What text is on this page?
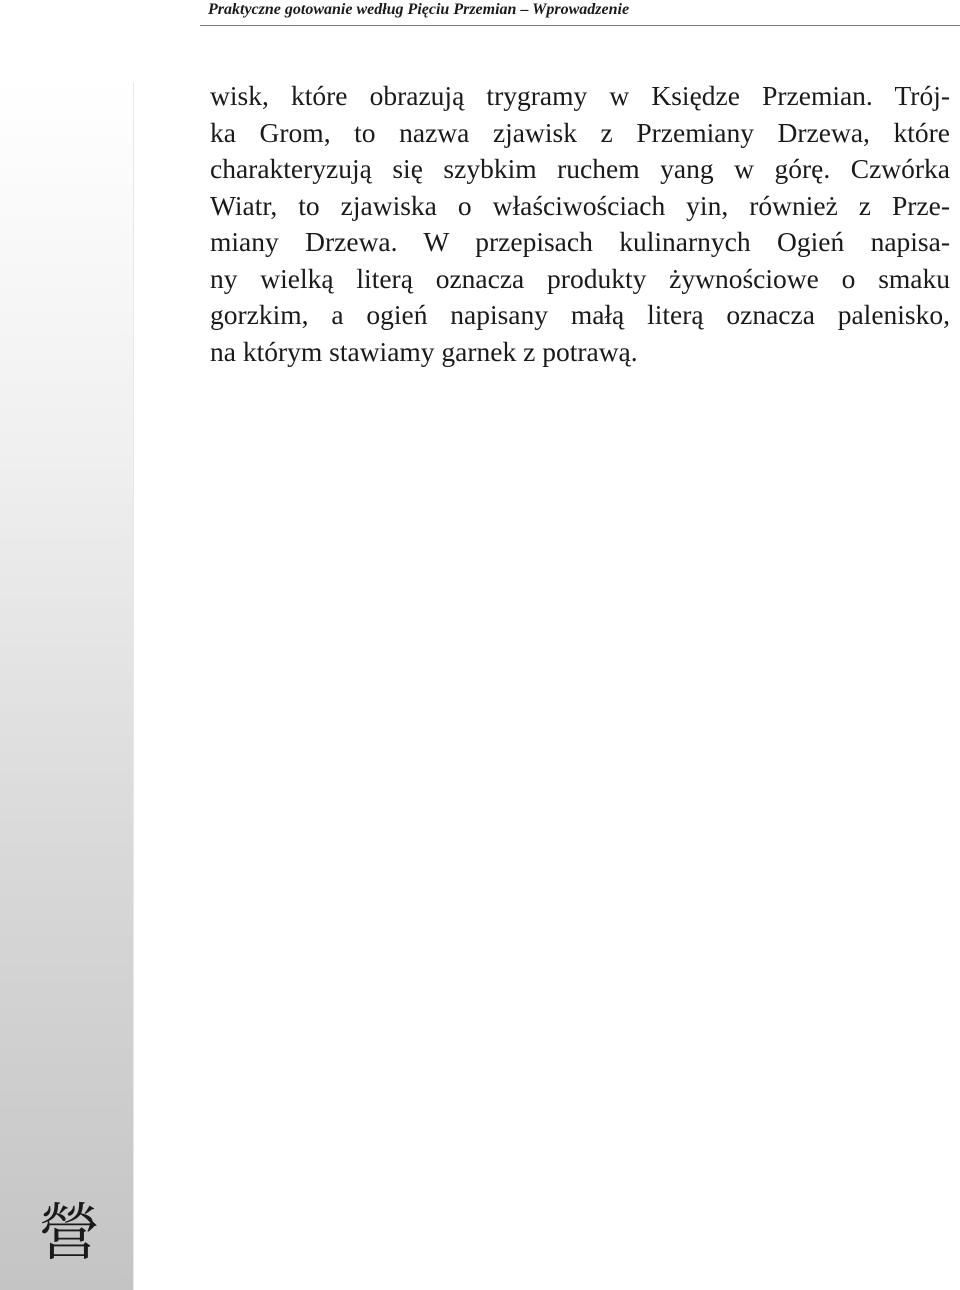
Praktyczne gotowanie według Pięciu Przemian – Wprowadzenie
營

wisk, które obrazują trygramy w Księdze Przemian. Trój-
ka Grom, to nazwa zjawisk z Przemiany Drzewa, które
charakteryzują się szybkim ruchem yang w górę. Czwórka
Wiatr, to zjawiska o właściwościach yin, również z Prze-
miany Drzewa. W przepisach kulinarnych Ogień napisa-
ny wielką literą oznacza produkty żywnościowe o smaku
gorzkim, a ogień napisany małą literą oznacza palenisko,
na którym stawiamy garnek z potrawą.
